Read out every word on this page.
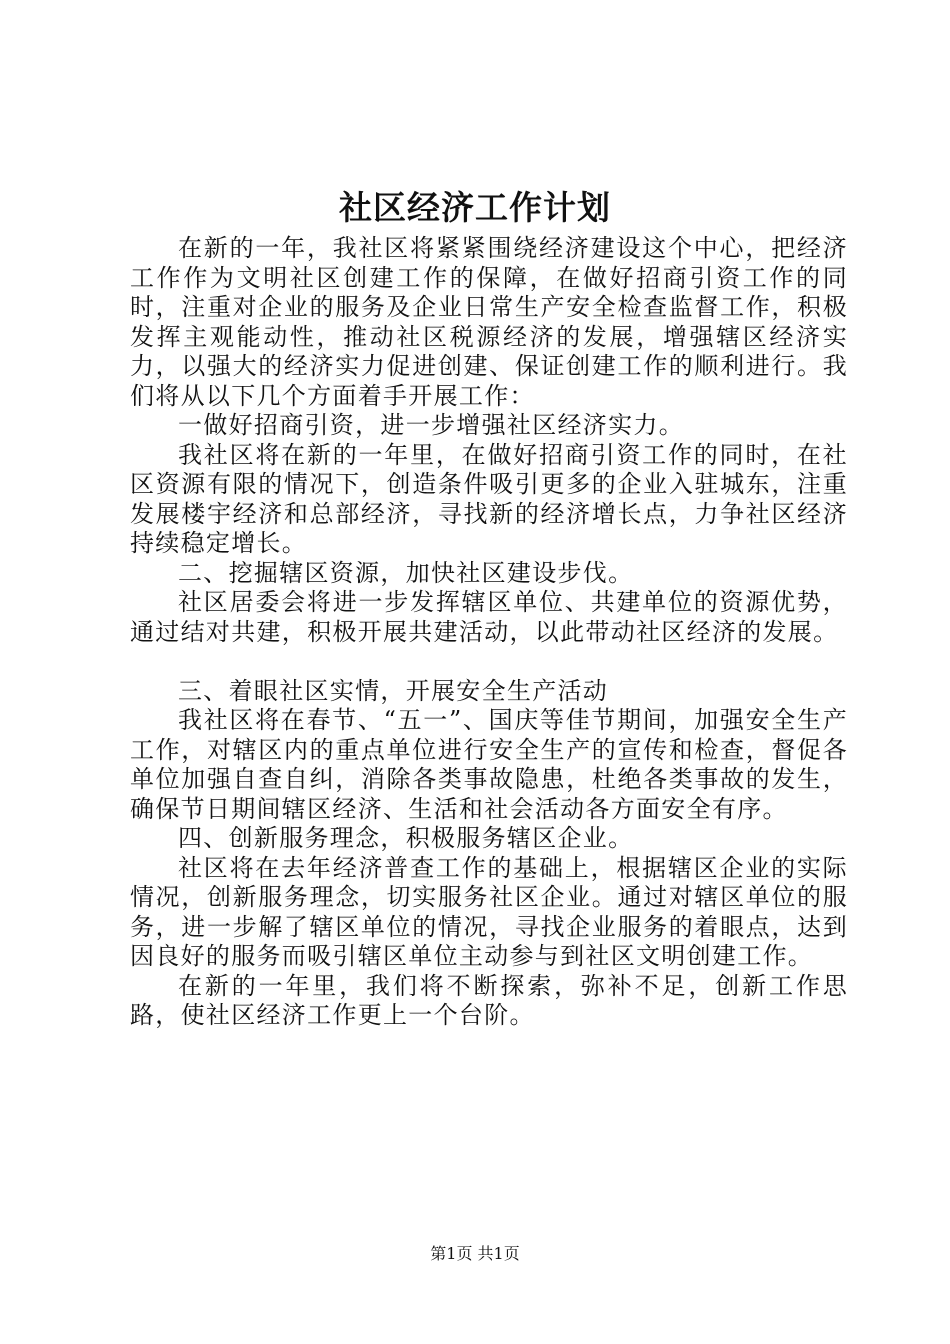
社区经济工作计划

在新的一年，我社区将紧紧围绕经济建设这个中心，把经济工作作为文明社区创建工作的保障，在做好招商引资工作的同时，注重对企业的服务及企业日常生产安全检查监督工作，积极发挥主观能动性，推动社区税源经济的发展，增强辖区经济实力，以强大的经济实力促进创建、保证创建工作的顺利进行。我们将从以下几个方面着手开展工作：

一做好招商引资，进一步增强社区经济实力。

我社区将在新的一年里，在做好招商引资工作的同时，在社区资源有限的情况下，创造条件吸引更多的企业入驻城东，注重发展楼宇经济和总部经济，寻找新的经济增长点，力争社区经济持续稳定增长。

二、挖掘辖区资源，加快社区建设步伐。

社区居委会将进一步发挥辖区单位、共建单位的资源优势，通过结对共建，积极开展共建活动，以此带动社区经济的发展。

三、着眼社区实情，开展安全生产活动

我社区将在春节、“五一”、国庆等佳节期间，加强安全生产工作，对辖区内的重点单位进行安全生产的宣传和检查，督促各单位加强自查自纠，消除各类事故隐患，杜绝各类事故的发生，确保节日期间辖区经济、生活和社会活动各方面安全有序。

四、创新服务理念，积极服务辖区企业。

社区将在去年经济普查工作的基础上，根据辖区企业的实际情况，创新服务理念，切实服务社区企业。通过对辖区单位的服务，进一步解了辖区单位的情况，寻找企业服务的着眼点，达到因良好的服务而吸引辖区单位主动参与到社区文明创建工作。

在新的一年里，我们将不断探索，弥补不足，创新工作思路，使社区经济工作更上一个台阶。

第1页 共1页
